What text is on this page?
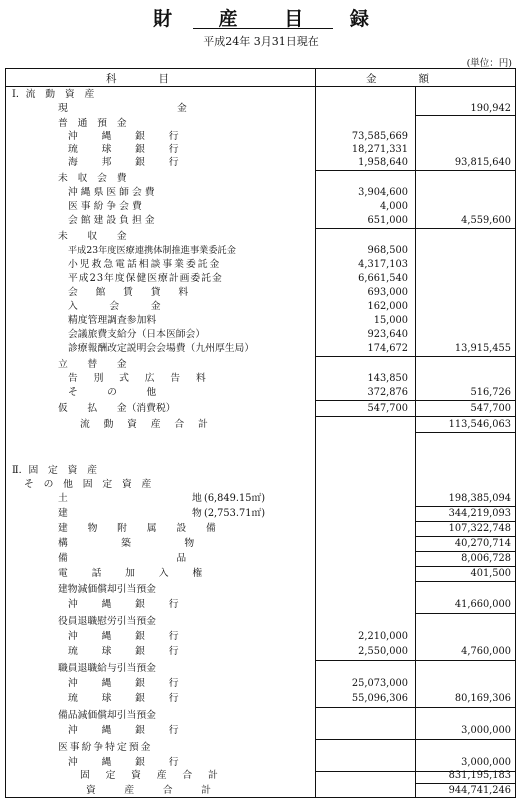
財 産 目 録
平成24年 3月31日現在
(単位：円)
科　　　　目	金　　　　額
Ⅰ．流　動　資　産
現　　　　金	190,942
普　通　預　金
沖　縄　銀　行	73,585,669
琉　球　銀　行	18,271,331
海　邦　銀　行	1,958,640	93,815,640
未　収　会　費
沖縄県医師会費	3,904,600
医事紛争会費	4,000
会館建設負担金	651,000	4,559,600
未　　収　　金
平成23年度医療連携体制推進事業委託金	968,500
小児救急電話相談事業委託金	4,317,103
平成23年度保健医療計画委託金	6,661,540
会　館　賃　貸　料	693,000
入　　会　　金	162,000
精度管理調査参加料	15,000
会議旅費支給分（日本医師会）	923,640
診療報酬改定説明会会場費（九州厚生局）	174,672	13,915,455
立　　替　　金
告　別　式　広　告　料	143,850
そ　　　の　　　他	372,876	516,726
仮　　払　　金（消費税）	547,700	547,700
流　動　資　産　合　計	113,546,063
Ⅱ．固　定　資　産
そ　の　他　固　定　資　産
土	地 (6,849.15㎡)	198,385,094
建	物 (2,753.71㎡)	344,219,093
建　物　附　属　設　備	107,322,748
構　　　築　　　物	40,270,714
備　　　　　　　品	8,006,728
電　話　加　入　権	401,500
建物減価償却引当預金
沖　縄　銀　行	41,660,000
役員退職慰労引当預金
沖　縄　銀　行	2,210,000
琉　球　銀　行	2,550,000	4,760,000
職員退職給与引当預金
沖　縄　銀　行	25,073,000
琉　球　銀　行	55,096,306	80,169,306
備品減価償却引当預金
沖　縄　銀　行	3,000,000
医事紛争特定預金
沖　縄　銀　行	3,000,000
固　定　資　産　合　計	831,195,183
資　　産　　合　　計	944,741,246
